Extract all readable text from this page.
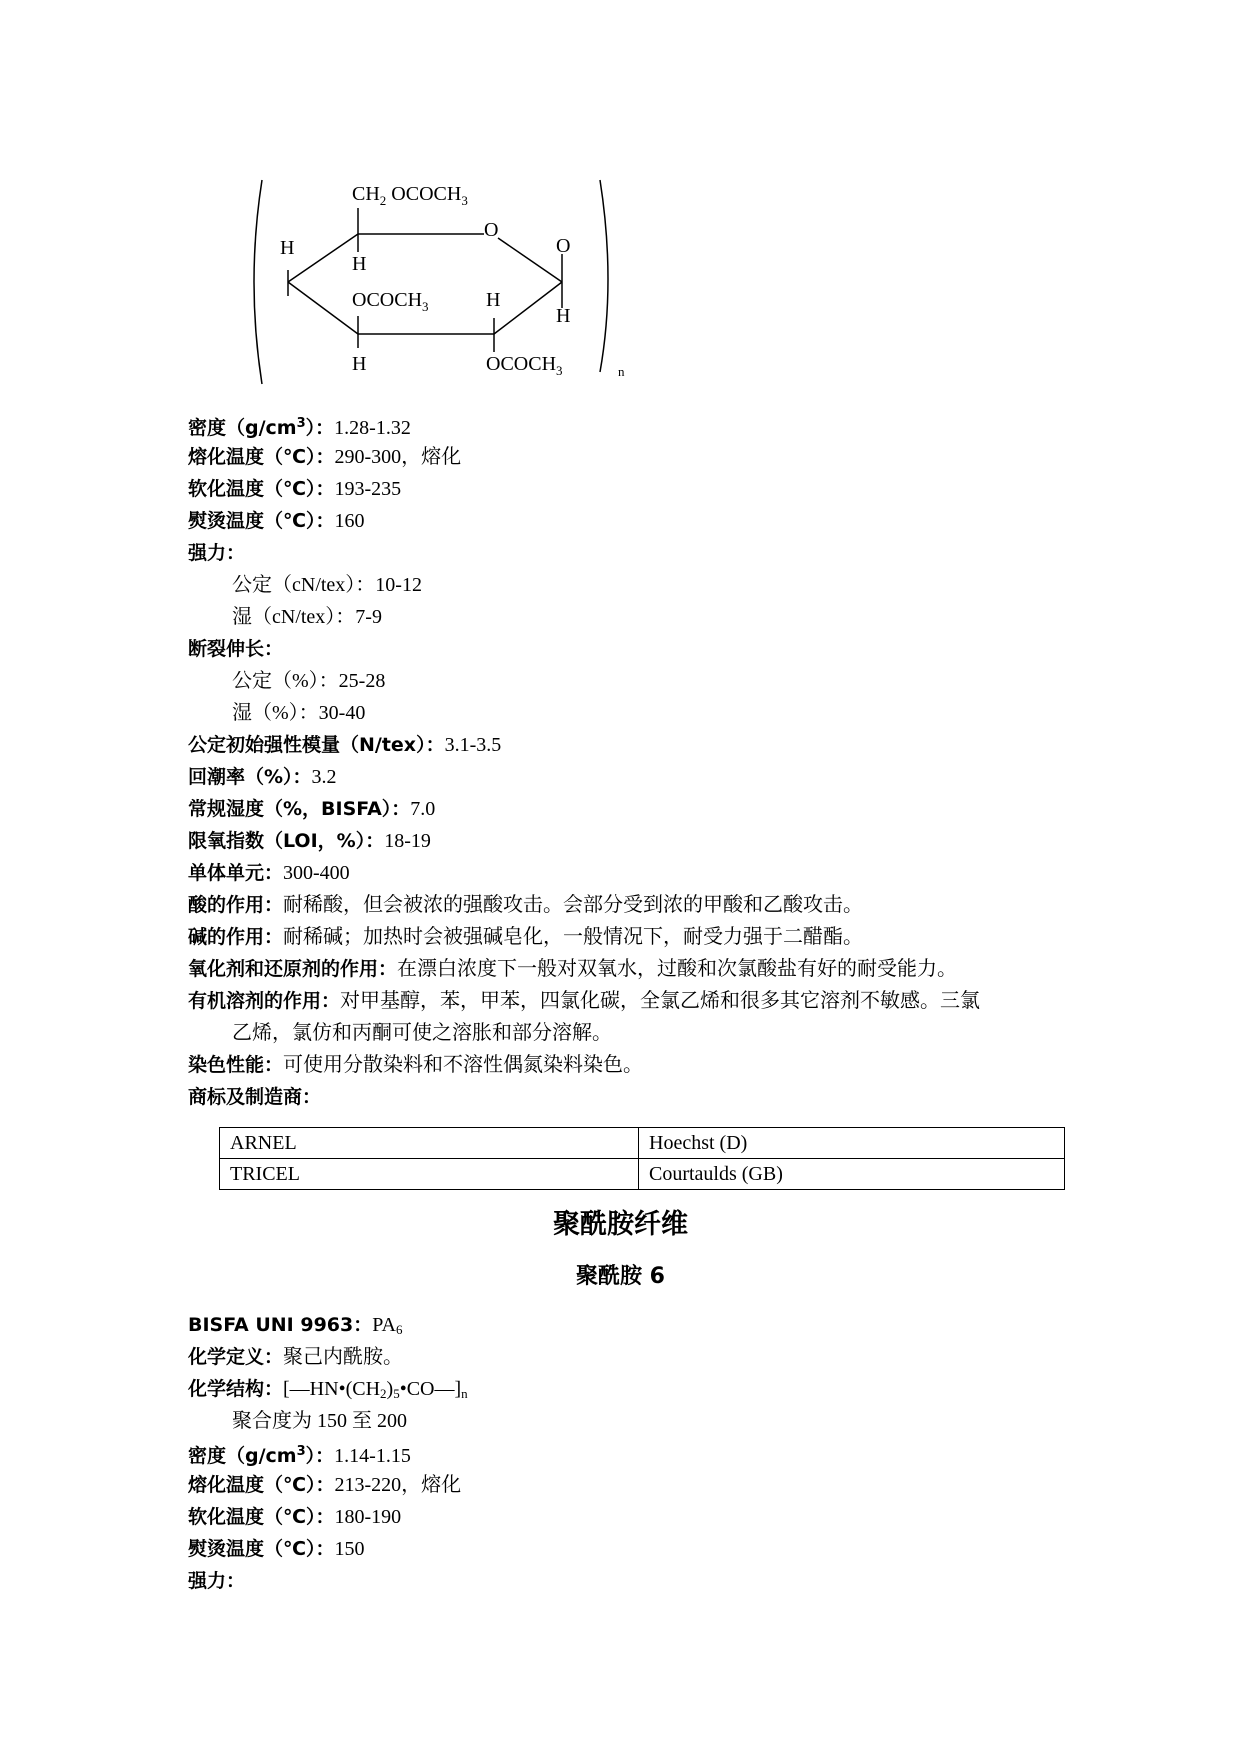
$CH_2$ $OCOCH_3$
O
O
H
H
$OCOCH_3$	H
H
H	$OCOCH_3$	n
密度$(g/cm^3)$：1.28-1.32
熔化温度（℃）：290-300，熔化
软化温度（℃）：193-235
熨烫温度（℃）：160
强力：
公定（cN/tex）：10-12
湿（cN/tex）：7-9
断裂伸长：
公定（%）：25-28
湿（%）：30-40
公定初始强性模量（N/tex）：3.1-3.5
回潮率（%）：3.2
常规湿度（%，BISFA）：7.0
限氧指数（LOI，%）：18-19
单体单元：300-400
酸的作用：耐稀酸，但会被浓的强酸攻击。会部分受到浓的甲酸和乙酸攻击。
碱的作用：耐稀碱；加热时会被强碱皂化，一般情况下，耐受力强于二醋酯。
氧化剂和还原剂的作用：在漂白浓度下一般对双氧水，过酸和次氯酸盐有好的耐受能力。
有机溶剂的作用：对甲基醇，苯，甲苯，四氯化碳，全氯乙烯和很多其它溶剂不敏感。三氯
乙烯，氯仿和丙酮可使之溶胀和部分溶解。
染色性能：可使用分散染料和不溶性偶氮染料染色。
商标及制造商：
ARNEL	Hoechst (D)
TRICEL	Courtaulds (GB)
聚酰胺纤维
聚酰胺 6
BISFA UNI 9963：$PA_6$
化学定义：聚己内酰胺。
化学结构：$[—HN•(CH_2)_5•CO—]_n$
聚合度为 150 至 200
密度$(g/cm^3)$：1.14-1.15
熔化温度（℃）：213-220，熔化
软化温度（℃）：180-190
熨烫温度（℃）：150
强力：
